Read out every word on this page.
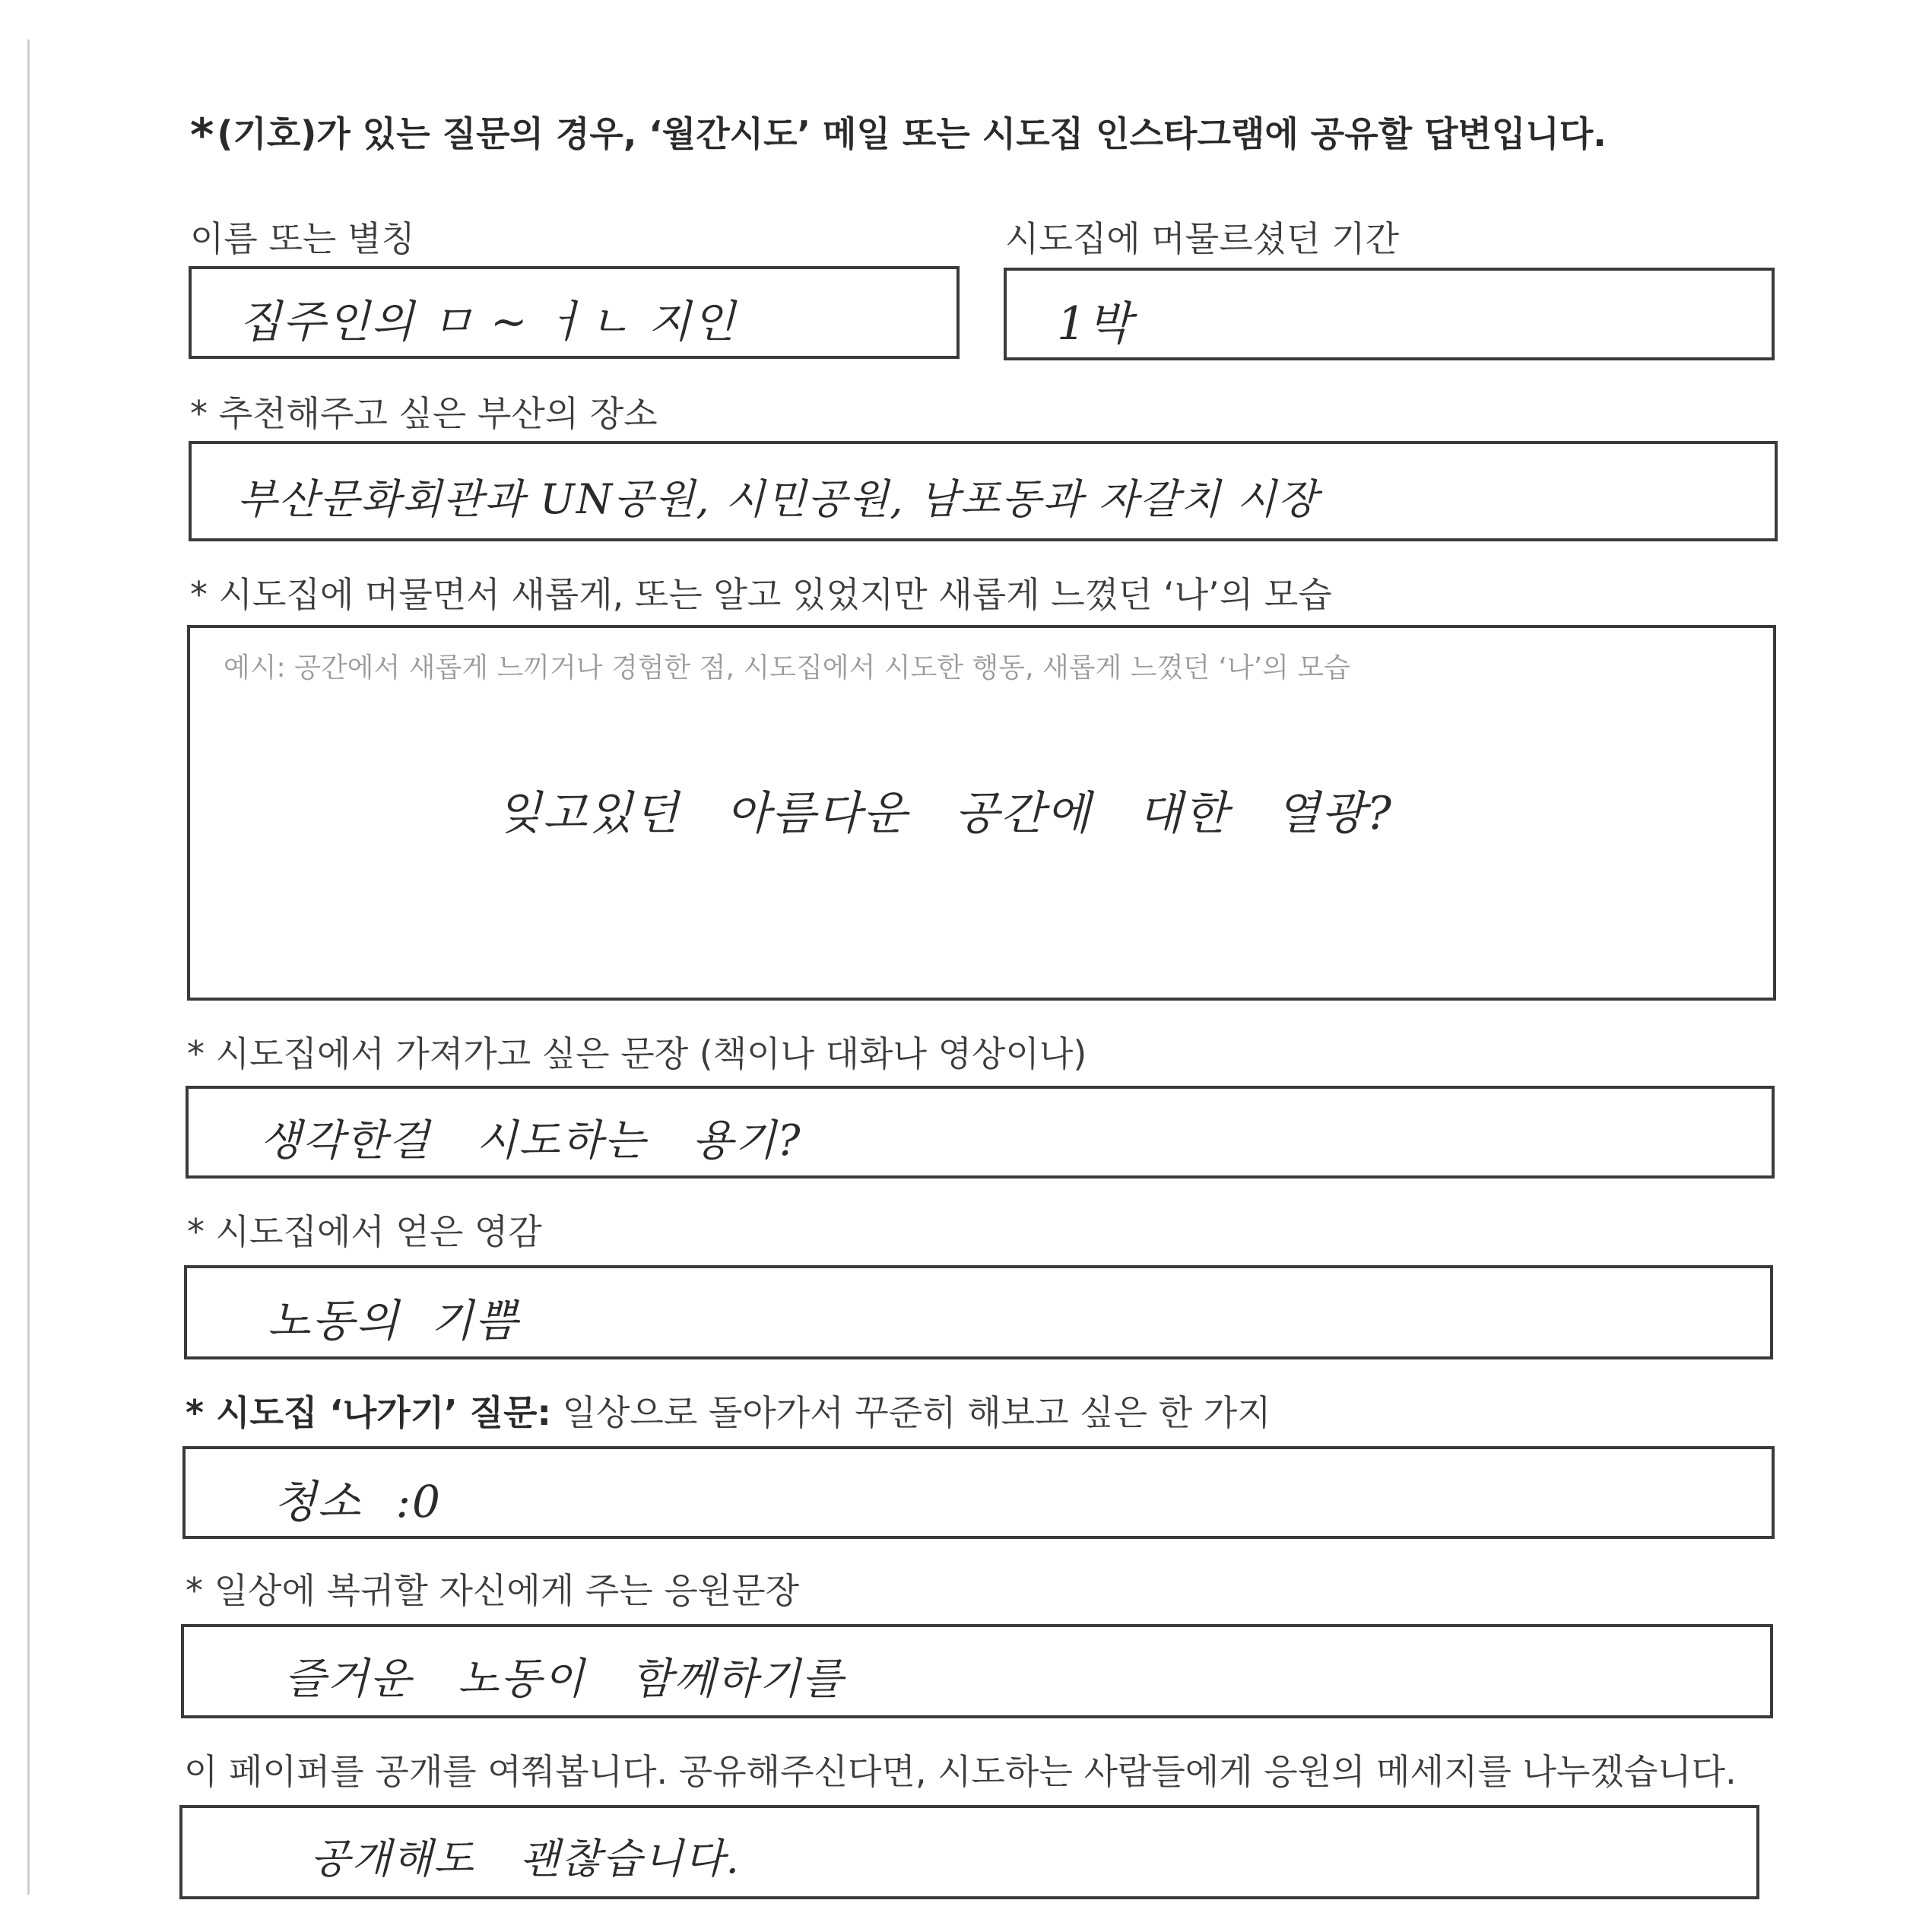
*(기호)가 있는 질문의 경우, ‘월간시도’ 메일 또는 시도집 인스타그램에 공유할 답변입니다.
이름 또는 별칭
집주인의 ㅁ ~ ㅓㄴ 지인
시도집에 머물르셨던 기간
1박
* 추천해주고 싶은 부산의 장소
부산문화회관과 UN공원, 시민공원, 남포동과 자갈치 시장
* 시도집에 머물면서 새롭게, 또는 알고 있었지만 새롭게 느꼈던 ‘나’의 모습
예시: 공간에서 새롭게 느끼거나 경험한 점, 시도집에서 시도한 행동, 새롭게 느꼈던 ‘나’의 모습
잊고있던 아름다운 공간에 대한 열광?
* 시도집에서 가져가고 싶은 문장 (책이나 대화나 영상이나)
생각한걸 시도하는 용기?
* 시도집에서 얻은 영감
노동의 기쁨
* 시도집 ‘나가기’ 질문: 일상으로 돌아가서 꾸준히 해보고 싶은 한 가지
청소 :0
* 일상에 복귀할 자신에게 주는 응원문장
즐거운 노동이 함께하기를
이 페이퍼를 공개를 여쭤봅니다. 공유해주신다면, 시도하는 사람들에게 응원의 메세지를 나누겠습니다.
공개해도 괜찮습니다.
